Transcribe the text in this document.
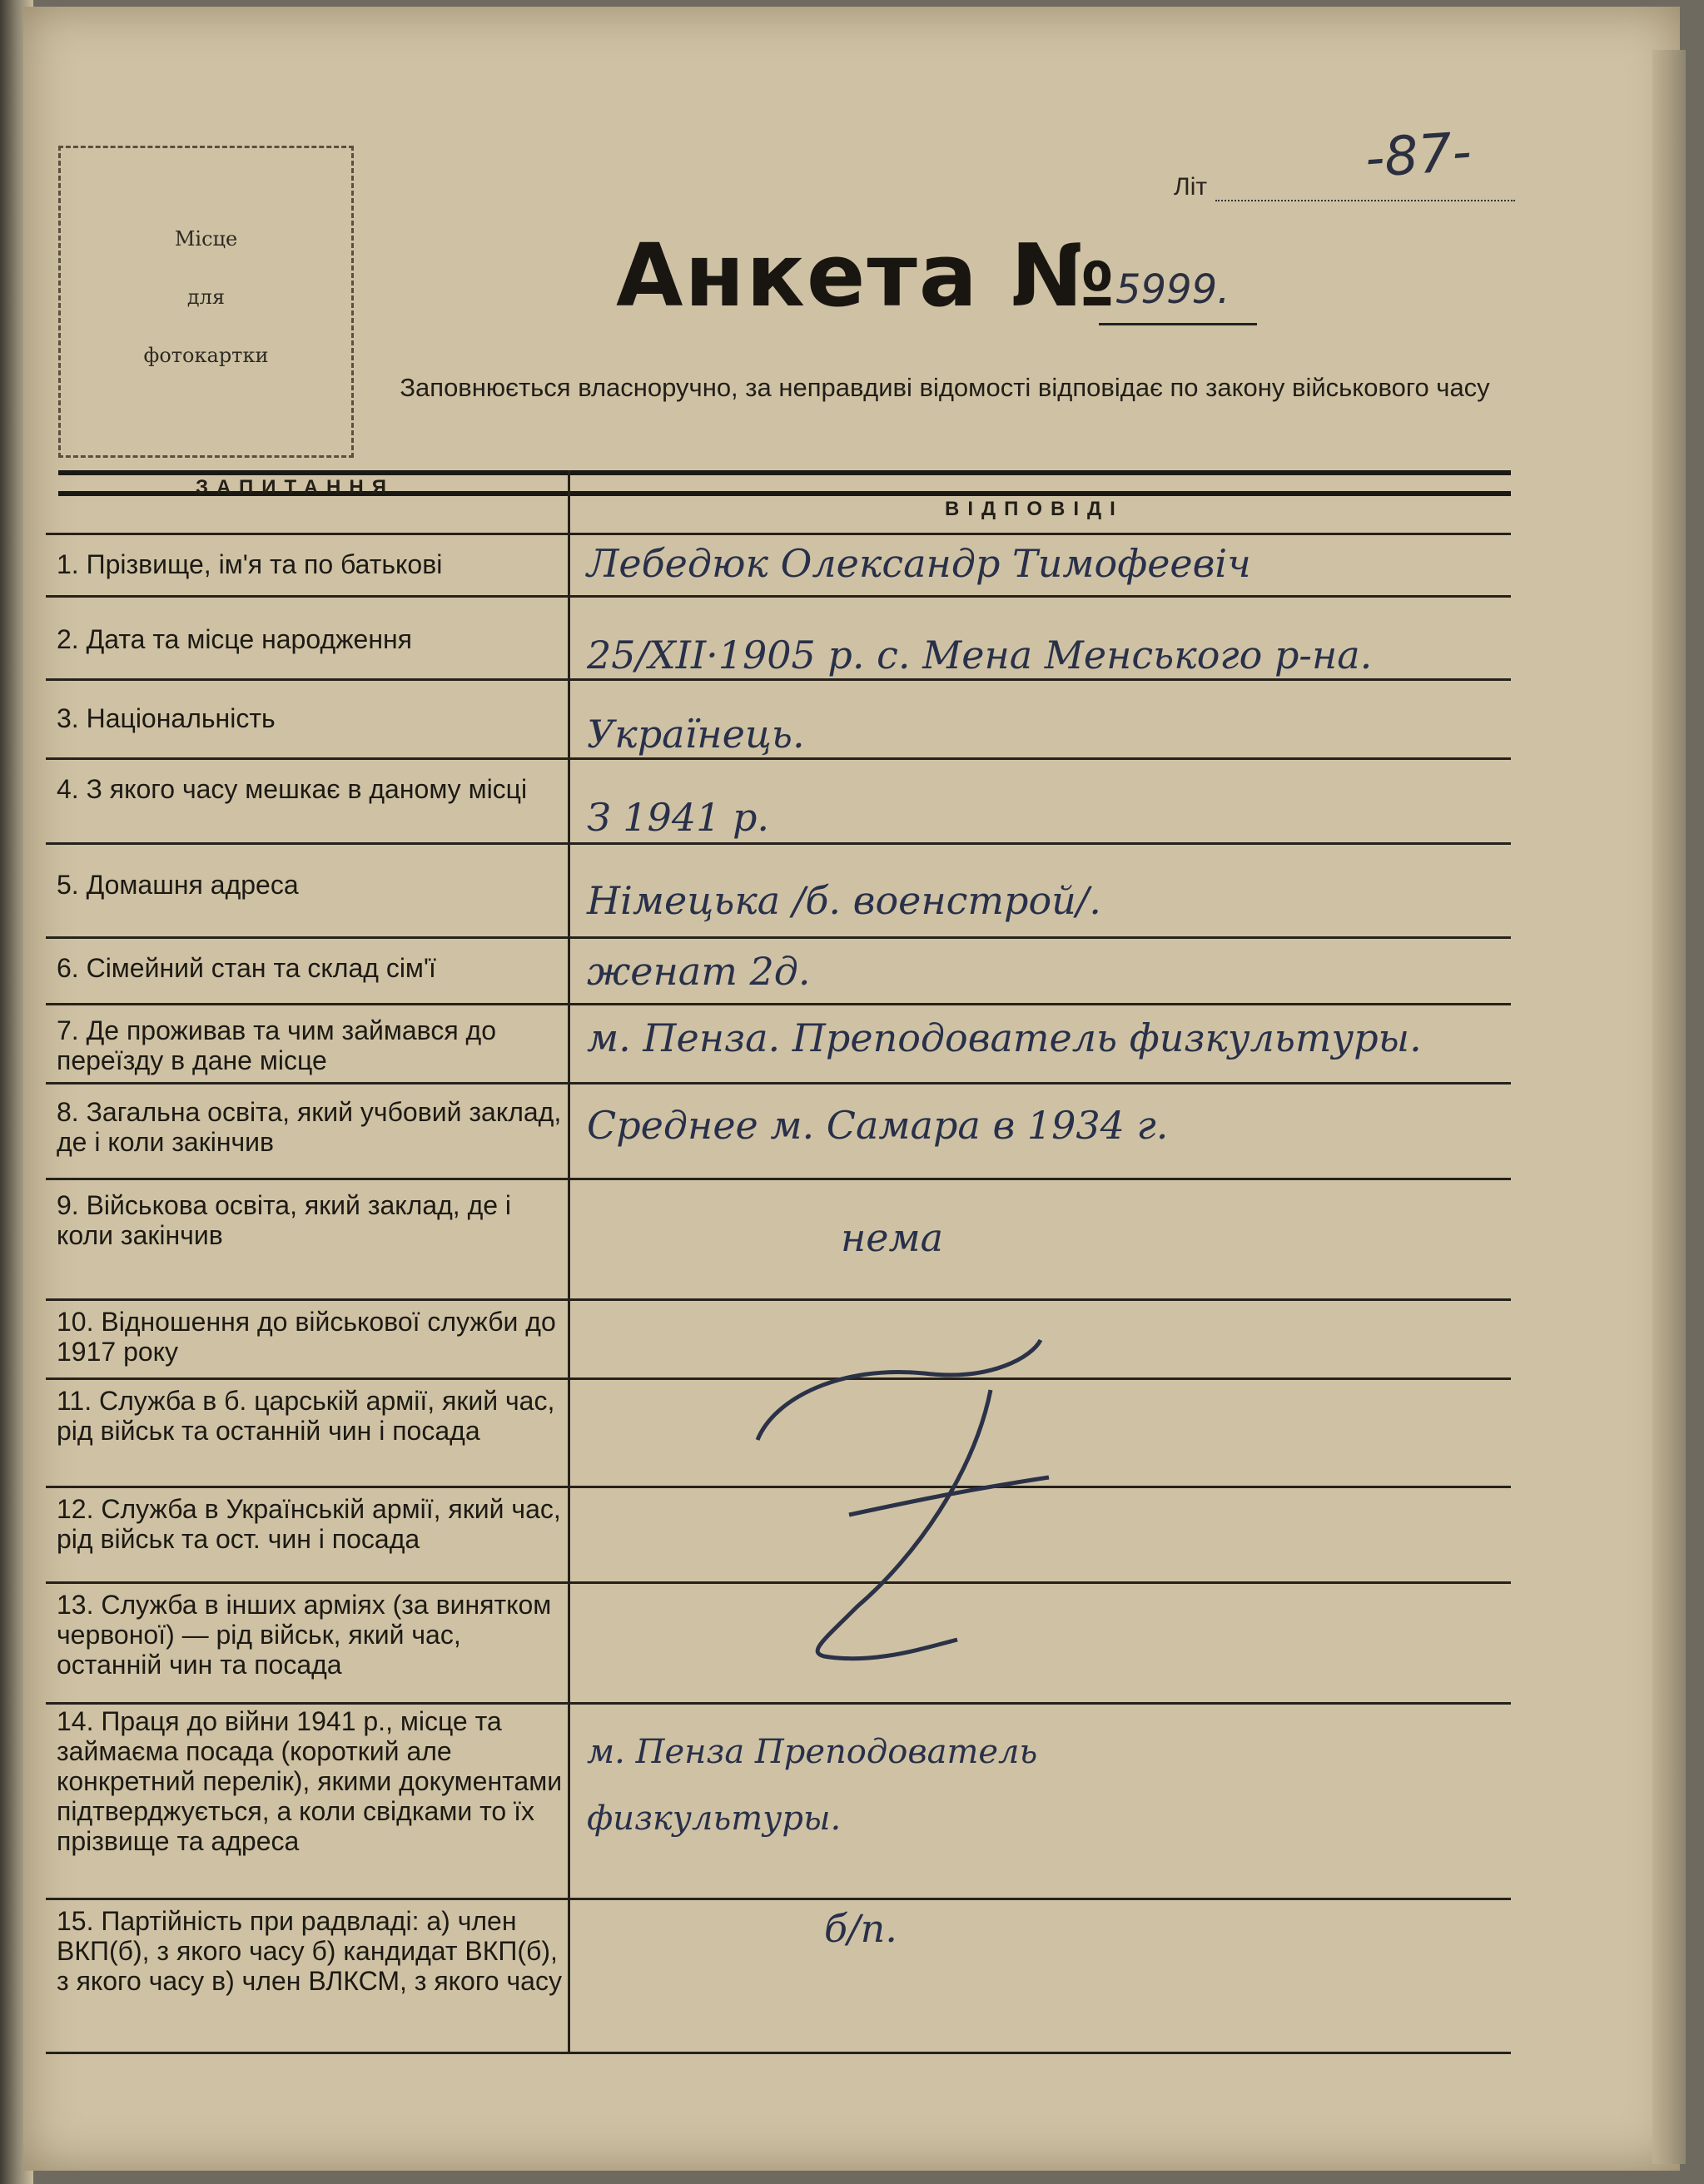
Місце
для
фотокартки
Літ	-87-
Анкета №
5999.
Заповнюється власноручно, за неправдиві відомості відповідає по закону військового часу
ЗАПИТАННЯ
ВІДПОВІДІ
1. Прізвище, ім'я та по батькові
2. Дата та місце народження
3. Національність
4. З якого часу мешкає в даному місці
5. Домашня адреса
6. Сімейний стан та склад сім'ї
7. Де проживав та чим займався до переїзду в дане місце
8. Загальна освіта, який учбовий заклад, де і коли закінчив
9. Військова освіта, який заклад, де і коли закінчив
10. Відношення до військової служби до 1917 року
11. Служба в б. царській армії, який час, рід військ та останній чин і посада
12. Служба в Українській армії, який час, рід військ та ост. чин і посада
13. Служба в інших арміях (за винятком червоної) — рід військ, який час, останній чин та посада
14. Праця до війни 1941 р., місце та займаєма посада (короткий але конкретний перелік), якими документами підтверджується, а коли свідками то їх прізвище та адреса
15. Партійність при радвладі: а) член ВКП(б), з якого часу б) кандидат ВКП(б), з якого часу в) член ВЛКСМ, з якого часу
Лебедюк Олександр Тимофеевіч
25/XII·1905 р. с. Мена Менського р-на.
Українець.
З 1941 р.
Німецька /б. военстрой/.
женат 2д.
м. Пенза. Преподователь физкультуры.
Среднее м. Самара в 1934 г.
нема
м. Пенза Преподователь физкультуры.
б/п.
